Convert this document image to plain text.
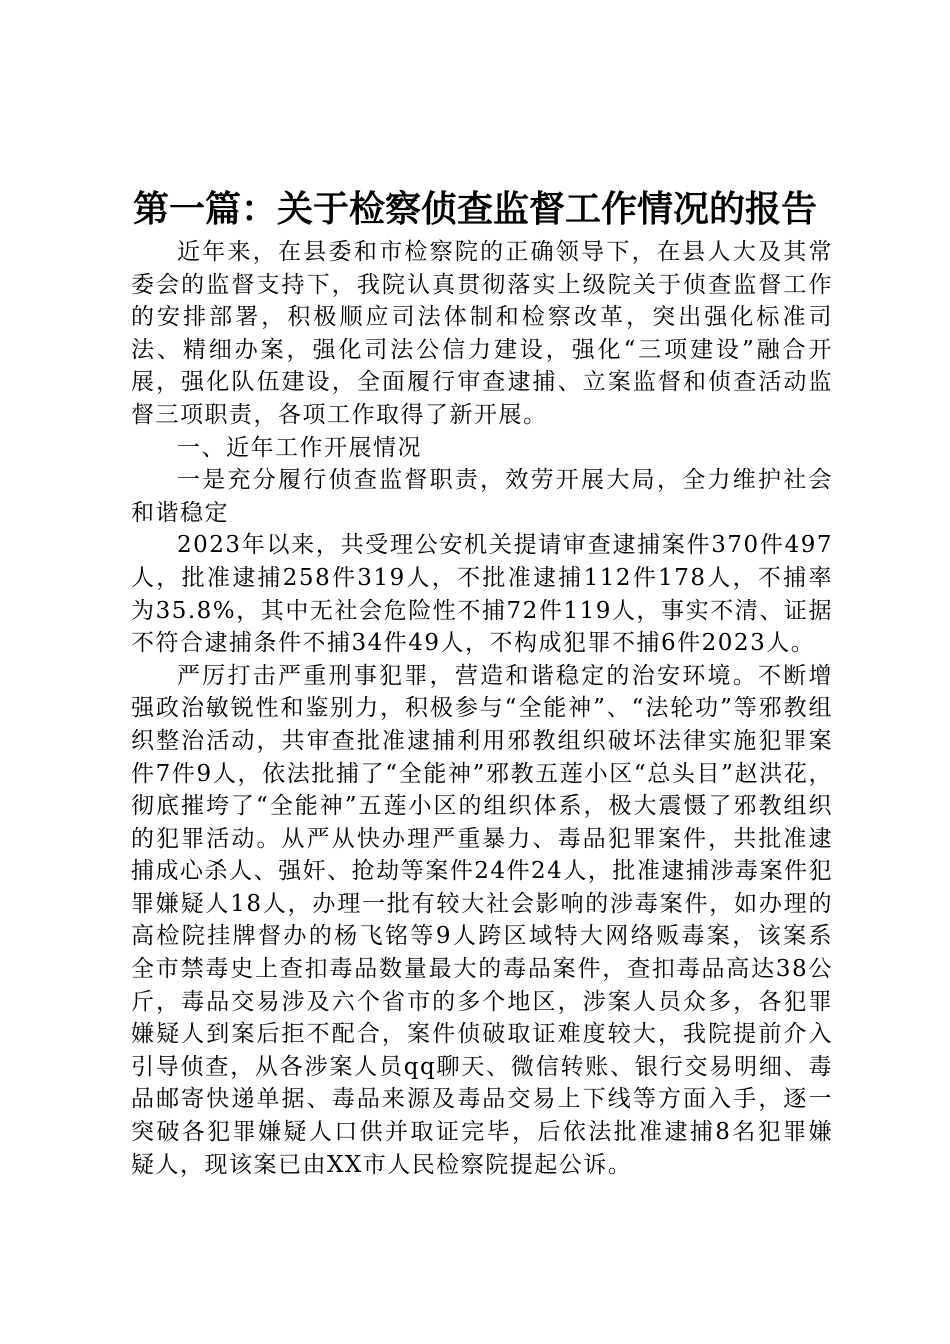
第一篇：关于检察侦查监督工作情况的报告

近年来，在县委和市检察院的正确领导下，在县人大及其常委会的监督支持下，我院认真贯彻落实上级院关于侦查监督工作的安排部署，积极顺应司法体制和检察改革，突出强化标准司法、精细办案，强化司法公信力建设，强化“三项建设”融合开展，强化队伍建设，全面履行审查逮捕、立案监督和侦查活动监督三项职责，各项工作取得了新开展。

一、近年工作开展情况

一是充分履行侦查监督职责，效劳开展大局，全力维护社会和谐稳定

2023年以来，共受理公安机关提请审查逮捕案件370件497人，批准逮捕258件319人，不批准逮捕112件178人，不捕率为35.8%，其中无社会危险性不捕72件119人，事实不清、证据不符合逮捕条件不捕34件49人，不构成犯罪不捕6件2023人。

严厉打击严重刑事犯罪，营造和谐稳定的治安环境。不断增强政治敏锐性和鉴别力，积极参与“全能神”、“法轮功”等邪教组织整治活动，共审查批准逮捕利用邪教组织破坏法律实施犯罪案件7件9人，依法批捕了“全能神”邪教五莲小区“总头目”赵洪花，彻底摧垮了“全能神”五莲小区的组织体系，极大震慑了邪教组织的犯罪活动。从严从快办理严重暴力、毒品犯罪案件，共批准逮捕成心杀人、强奸、抢劫等案件24件24人，批准逮捕涉毒案件犯罪嫌疑人18人，办理一批有较大社会影响的涉毒案件，如办理的高检院挂牌督办的杨飞铭等9人跨区域特大网络贩毒案，该案系全市禁毒史上查扣毒品数量最大的毒品案件，查扣毒品高达38公斤，毒品交易涉及六个省市的多个地区，涉案人员众多，各犯罪嫌疑人到案后拒不配合，案件侦破取证难度较大，我院提前介入引导侦查，从各涉案人员qq聊天、微信转账、银行交易明细、毒品邮寄快递单据、毒品来源及毒品交易上下线等方面入手，逐一突破各犯罪嫌疑人口供并取证完毕，后依法批准逮捕8名犯罪嫌疑人，现该案已由XX市人民检察院提起公诉。
